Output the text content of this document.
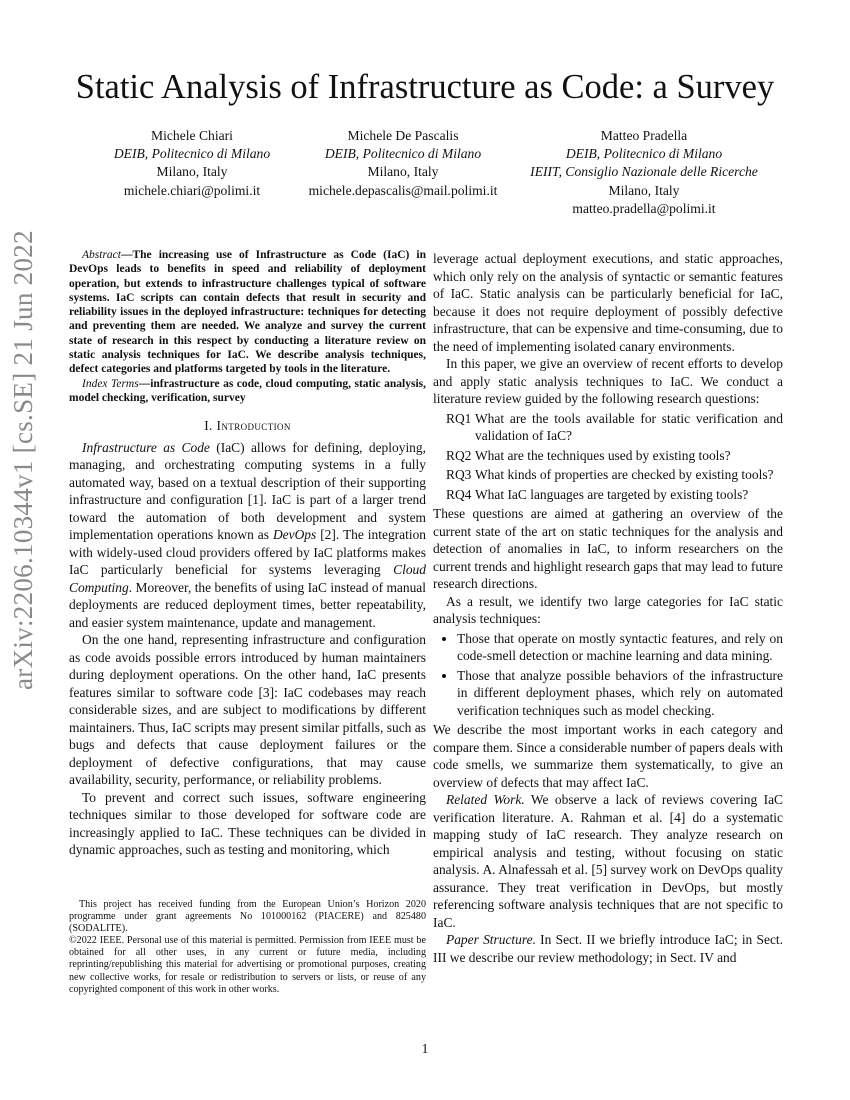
arXiv:2206.10344v1 [cs.SE] 21 Jun 2022
Static Analysis of Infrastructure as Code: a Survey
Michele Chiari
DEIB, Politecnico di Milano
Milano, Italy
michele.chiari@polimi.it
Michele De Pascalis
DEIB, Politecnico di Milano
Milano, Italy
michele.depascalis@mail.polimi.it
Matteo Pradella
DEIB, Politecnico di Milano
IEIIT, Consiglio Nazionale delle Ricerche
Milano, Italy
matteo.pradella@polimi.it

Abstract—The increasing use of Infrastructure as Code (IaC) in DevOps leads to benefits in speed and reliability of deployment operation, but extends to infrastructure challenges typical of software systems. IaC scripts can contain defects that result in security and reliability issues in the deployed infrastructure: techniques for detecting and preventing them are needed. We analyze and survey the current state of research in this respect by conducting a literature review on static analysis techniques for IaC. We describe analysis techniques, defect categories and platforms targeted by tools in the literature.

Index Terms—infrastructure as code, cloud computing, static analysis, model checking, verification, survey

I. Introduction

Infrastructure as Code (IaC) allows for defining, deploying, managing, and orchestrating computing systems in a fully automated way, based on a textual description of their supporting infrastructure and configuration [1]. IaC is part of a larger trend toward the automation of both development and system implementation operations known as DevOps [2]. The integration with widely-used cloud providers offered by IaC platforms makes IaC particularly beneficial for systems leveraging Cloud Computing. Moreover, the benefits of using IaC instead of manual deployments are reduced deployment times, better repeatability, and easier system maintenance, update and management.

On the one hand, representing infrastructure and configuration as code avoids possible errors introduced by human maintainers during deployment operations. On the other hand, IaC presents features similar to software code [3]: IaC codebases may reach considerable sizes, and are subject to modifications by different maintainers. Thus, IaC scripts may present similar pitfalls, such as bugs and defects that cause deployment failures or the deployment of defective configurations, that may cause availability, security, performance, or reliability problems.

To prevent and correct such issues, software engineering techniques similar to those developed for software code are increasingly applied to IaC. These techniques can be divided in dynamic approaches, such as testing and monitoring, which

This project has received funding from the European Union’s Horizon 2020 programme under grant agreements No 101000162 (PIACERE) and 825480 (SODALITE).

©2022 IEEE. Personal use of this material is permitted. Permission from IEEE must be obtained for all other uses, in any current or future media, including reprinting/republishing this material for advertising or promotional purposes, creating new collective works, for resale or redistribution to servers or lists, or reuse of any copyrighted component of this work in other works.

leverage actual deployment executions, and static approaches, which only rely on the analysis of syntactic or semantic features of IaC. Static analysis can be particularly beneficial for IaC, because it does not require deployment of possibly defective infrastructure, that can be expensive and time-consuming, due to the need of implementing isolated canary environments.

In this paper, we give an overview of recent efforts to develop and apply static analysis techniques to IaC. We conduct a literature review guided by the following research questions:

RQ1 What are the tools available for static verification and validation of IaC?
RQ2 What are the techniques used by existing tools?
RQ3 What kinds of properties are checked by existing tools?
RQ4 What IaC languages are targeted by existing tools?

These questions are aimed at gathering an overview of the current state of the art on static techniques for the analysis and detection of anomalies in IaC, to inform researchers on the current trends and highlight research gaps that may lead to future research directions.

As a result, we identify two large categories for IaC static analysis techniques:

• Those that operate on mostly syntactic features, and rely on code-smell detection or machine learning and data mining.
• Those that analyze possible behaviors of the infrastructure in different deployment phases, which rely on automated verification techniques such as model checking.

We describe the most important works in each category and compare them. Since a considerable number of papers deals with code smells, we summarize them systematically, to give an overview of defects that may affect IaC.

Related Work. We observe a lack of reviews covering IaC verification literature. A. Rahman et al. [4] do a systematic mapping study of IaC research. They analyze research on empirical analysis and testing, without focusing on static analysis. A. Alnafessah et al. [5] survey work on DevOps quality assurance. They treat verification in DevOps, but mostly referencing software analysis techniques that are not specific to IaC.

Paper Structure. In Sect. II we briefly introduce IaC; in Sect. III we describe our review methodology; in Sect. IV and

1
